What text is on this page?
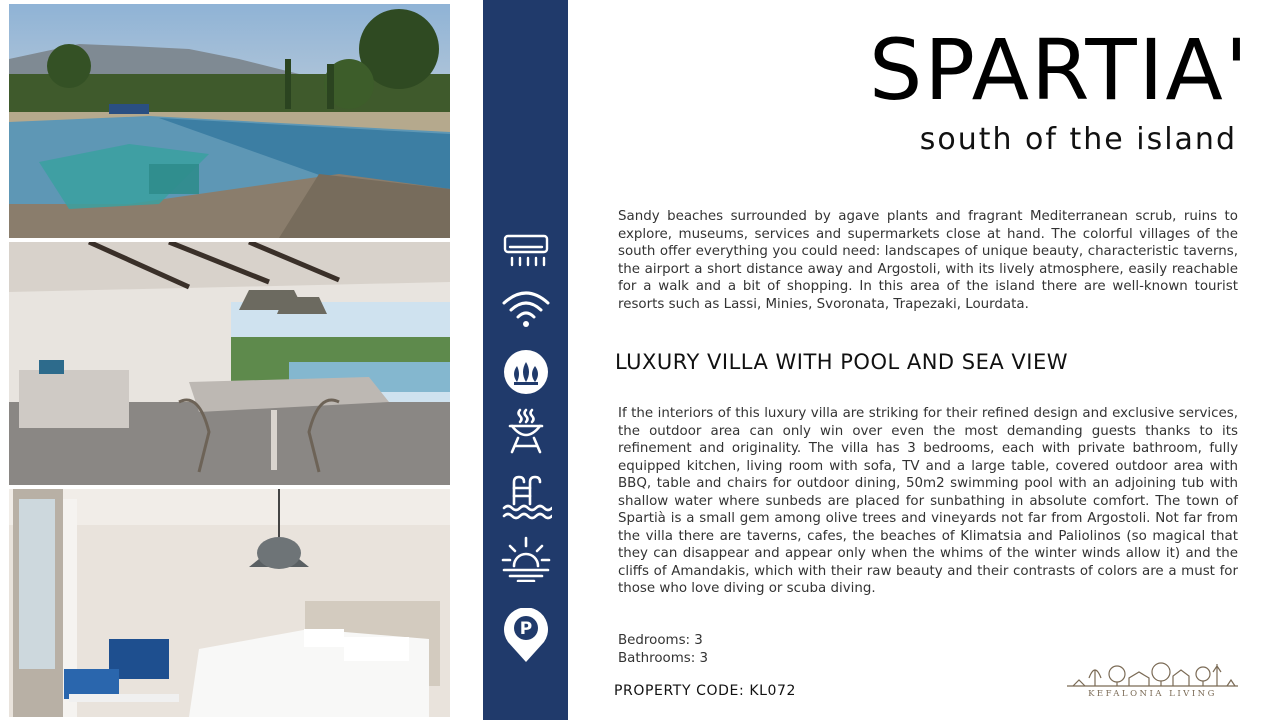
P
SPARTIA'
south of the island

Sandy beaches surrounded by agave plants and fragrant Mediterranean scrub, ruins to explore, museums, services and supermarkets close at hand. The colorful villages of the south offer everything you could need: landscapes of unique beauty, characteristic taverns, the airport a short distance away and Argostoli, with its lively atmosphere, easily reachable for a walk and a bit of shopping. In this area of the island there are well-known tourist resorts such as Lassi, Minies, Svoronata, Trapezaki, Lourdata.

LUXURY VILLA WITH POOL AND SEA VIEW

If the interiors of this luxury villa are striking for their refined design and exclusive services, the outdoor area can only win over even the most demanding guests thanks to its refinement and originality. The villa has 3 bedrooms, each with private bathroom, fully equipped kitchen, living room with sofa, TV and a large table, covered outdoor area with BBQ, table and chairs for outdoor dining, 50m2 swimming pool with an adjoining tub with shallow water where sunbeds are placed for sunbathing in absolute comfort. The town of Spartià is a small gem among olive trees and vineyards not far from Argostoli. Not far from the villa there are taverns, cafes, the beaches of Klimatsia and Paliolinos (so magical that they can disappear and appear only when the whims of the winter winds allow it) and the cliffs of Amandakis, which with their raw beauty and their contrasts of colors are a must for those who love diving or scuba diving.

Bedrooms: 3
Bathrooms: 3
PROPERTY CODE: KL072	KEFALONIA LIVING
